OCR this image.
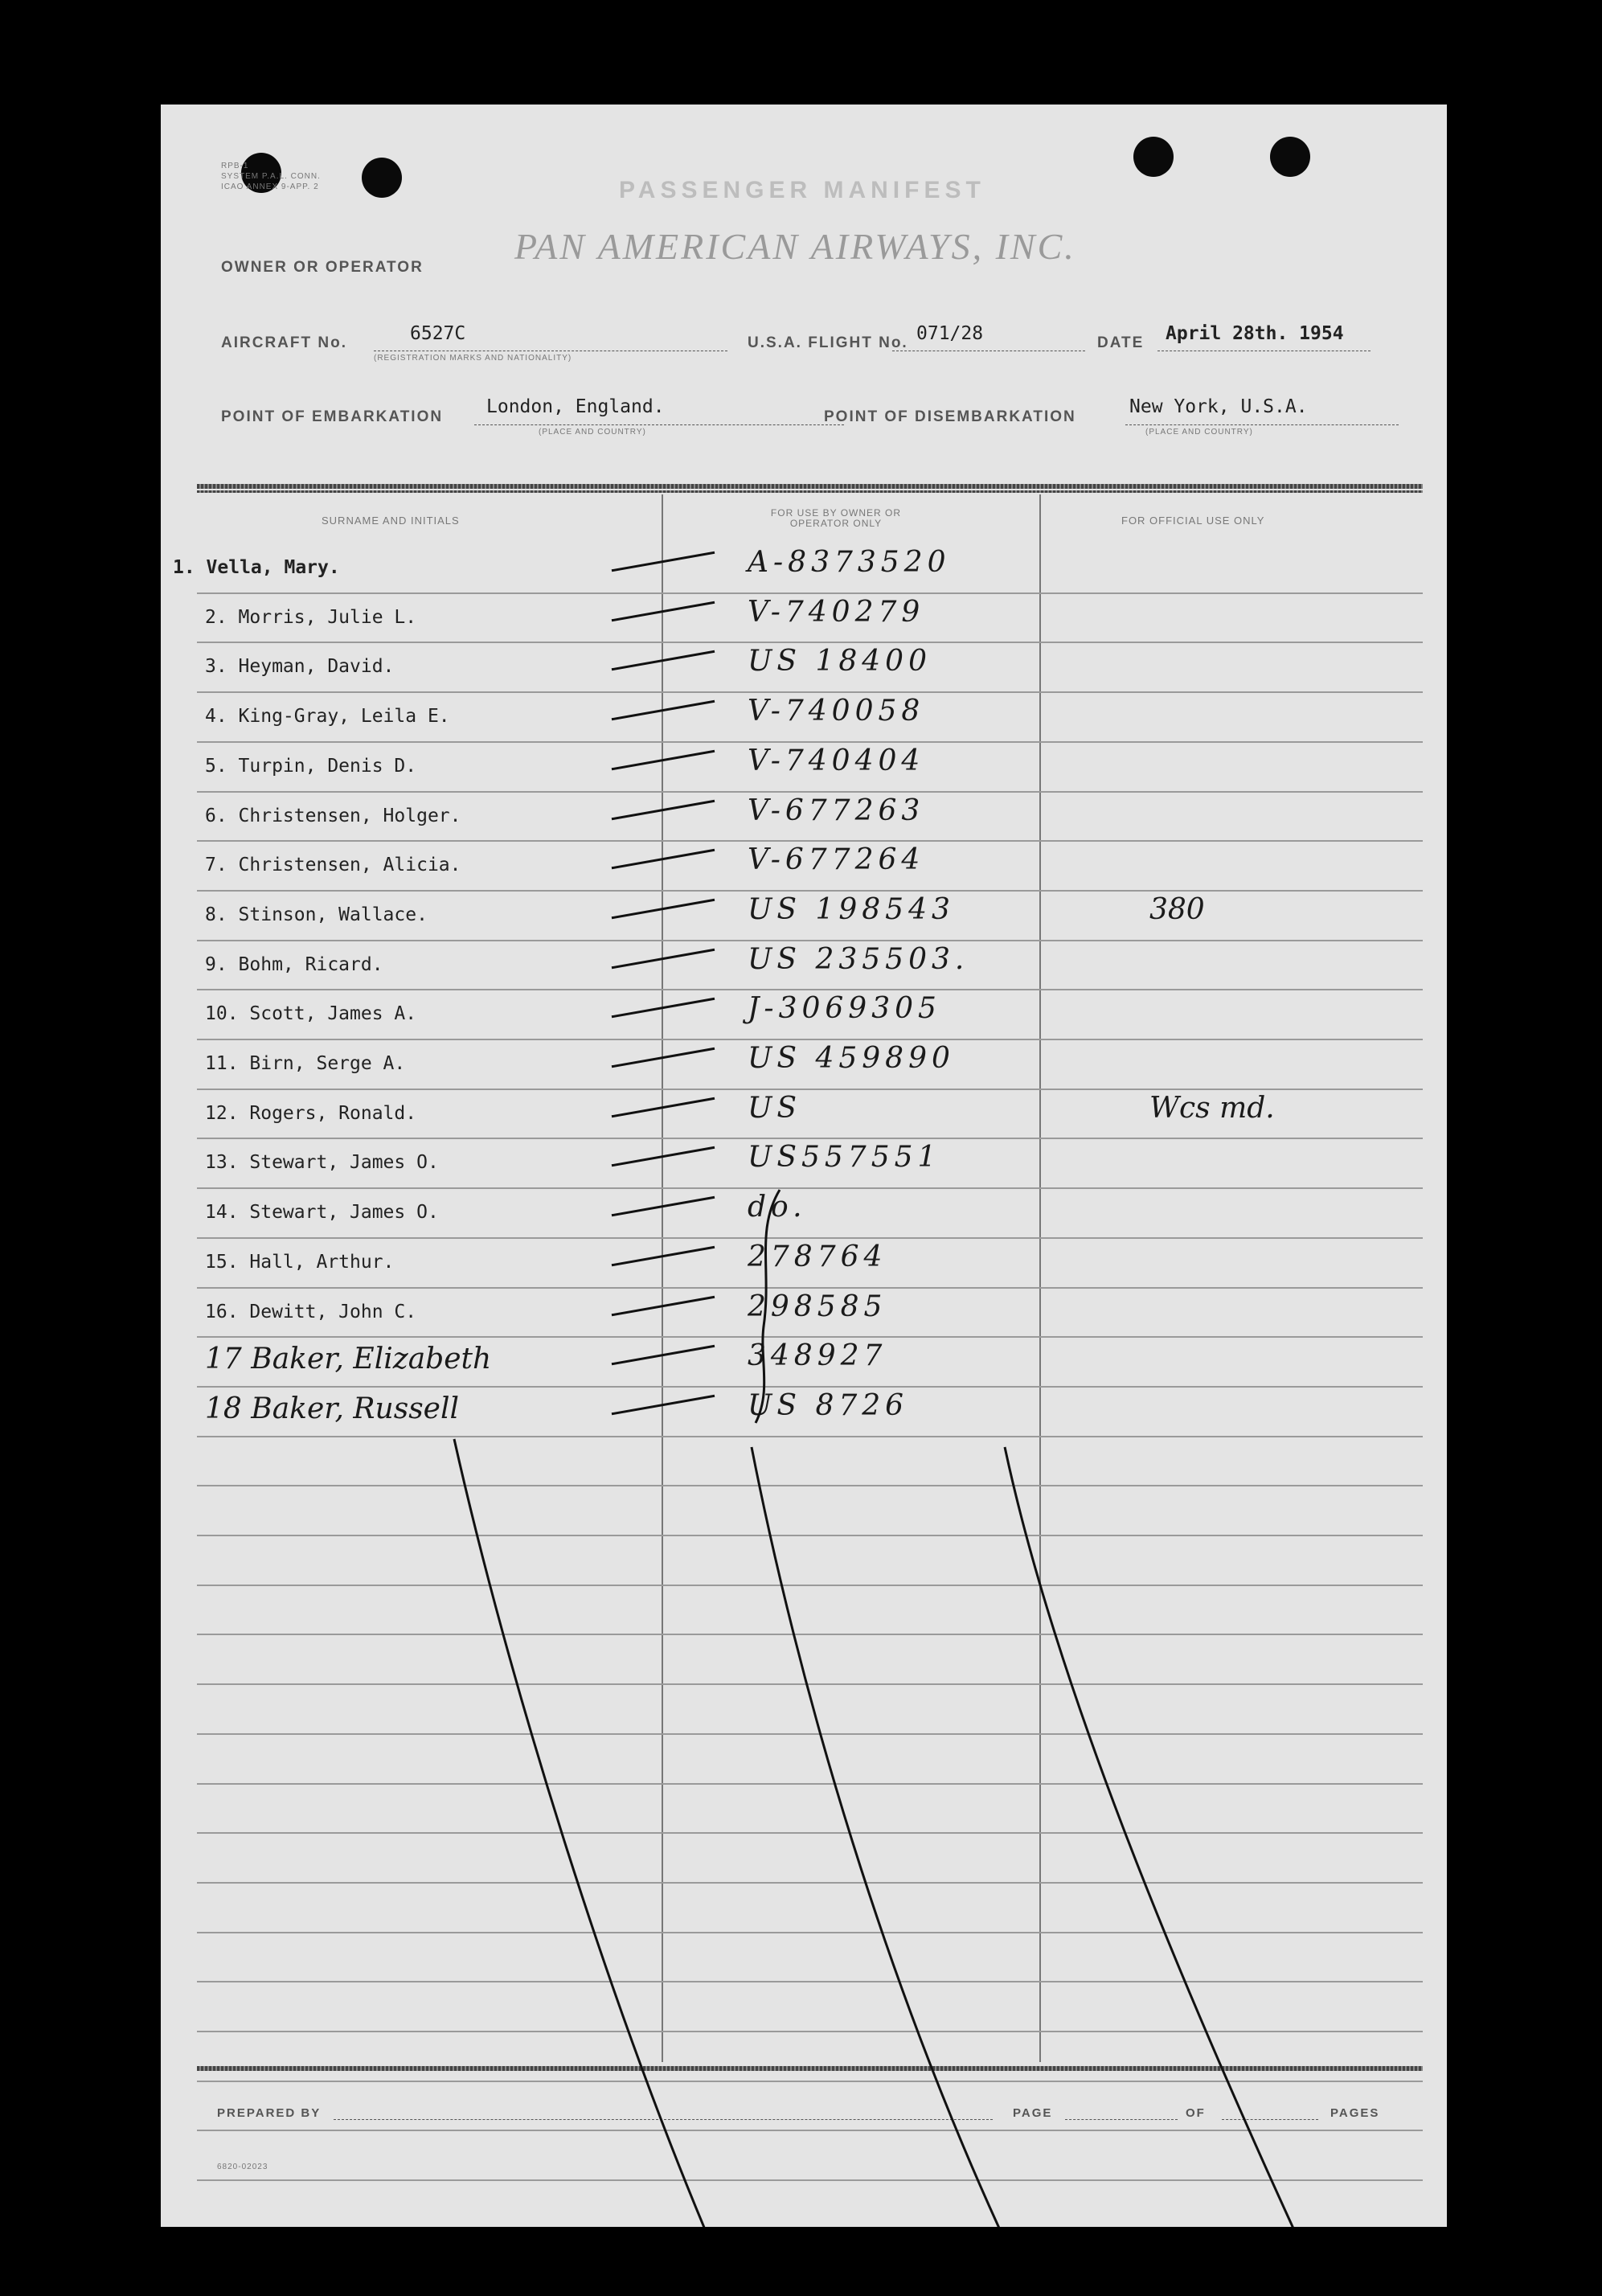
RPB-1
SYSTEM P.A.L. CONN.
ICAO ANNEX 9-APP. 2	PASSENGER MANIFEST
PAN AMERICAN AIRWAYS, INC.
OWNER OR OPERATOR
AIRCRAFT No.	6527C
(REGISTRATION MARKS AND NATIONALITY)
U.S.A. FLIGHT No. 071/28	DATE April 28th. 1954
POINT OF EMBARKATION London, England.
(PLACE AND COUNTRY)
POINT OF DISEMBARKATION	New York, U.S.A.
(PLACE AND COUNTRY)
SURNAME AND INITIALS
FOR USE BY OWNER OR OPERATOR ONLY	FOR OFFICIAL USE ONLY
1. Vella, Mary.	A-8373520
2. Morris, Julie L.	V-740279
3. Heyman, David.	US 18400
4. King-Gray, Leila E.	V-740058
5. Turpin, Denis D.	V-740404
6. Christensen, Holger.	V-677263
7. Christensen, Alicia.	V-677264
8. Stinson, Wallace.	US 198543	380
9. Bohm, Ricard.	US 235503.
10. Scott, James A.	J-3069305
11. Birn, Serge A.	US 459890
12. Rogers, Ronald.	US	Wcs md.
13. Stewart, James O.	US557551
14. Stewart, James O.	do.
15. Hall, Arthur.	278764
16. Dewitt, John C.	298585
17 Baker, Elizabeth	348927
18 Baker, Russell	US 8726
PREPARED BY	PAGE	OF	PAGES
6820-02023
